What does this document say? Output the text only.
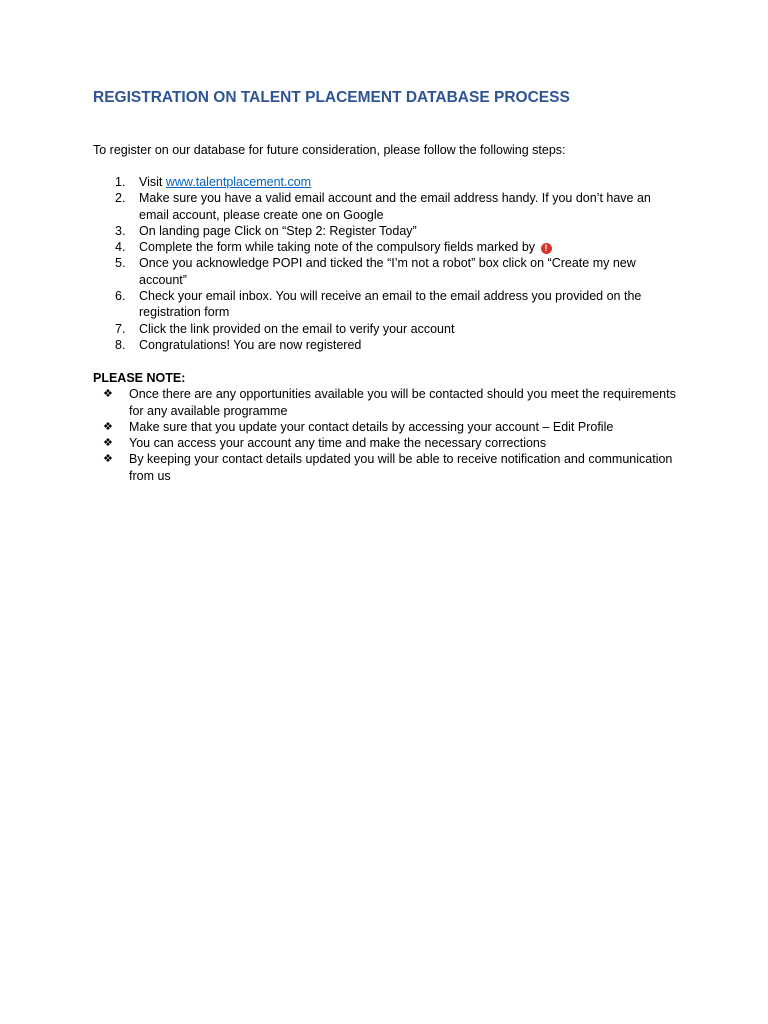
REGISTRATION ON TALENT PLACEMENT DATABASE PROCESS

To register on our database for future consideration, please follow the following steps:

1. Visit www.talentplacement.com
2. Make sure you have a valid email account and the email address handy. If you don’t have an email account, please create one on Google
3. On landing page Click on “Step 2: Register Today”
4. Complete the form while taking note of the compulsory fields marked by !
5. Once you acknowledge POPI and ticked the “I’m not a robot” box click on “Create my new account”
6. Check your email inbox. You will receive an email to the email address you provided on the registration form
7. Click the link provided on the email to verify your account
8. Congratulations! You are now registered

PLEASE NOTE:

❖ Once there are any opportunities available you will be contacted should you meet the requirements for any available programme
❖ Make sure that you update your contact details by accessing your account – Edit Profile
❖ You can access your account any time and make the necessary corrections
❖ By keeping your contact details updated you will be able to receive notification and communication from us
